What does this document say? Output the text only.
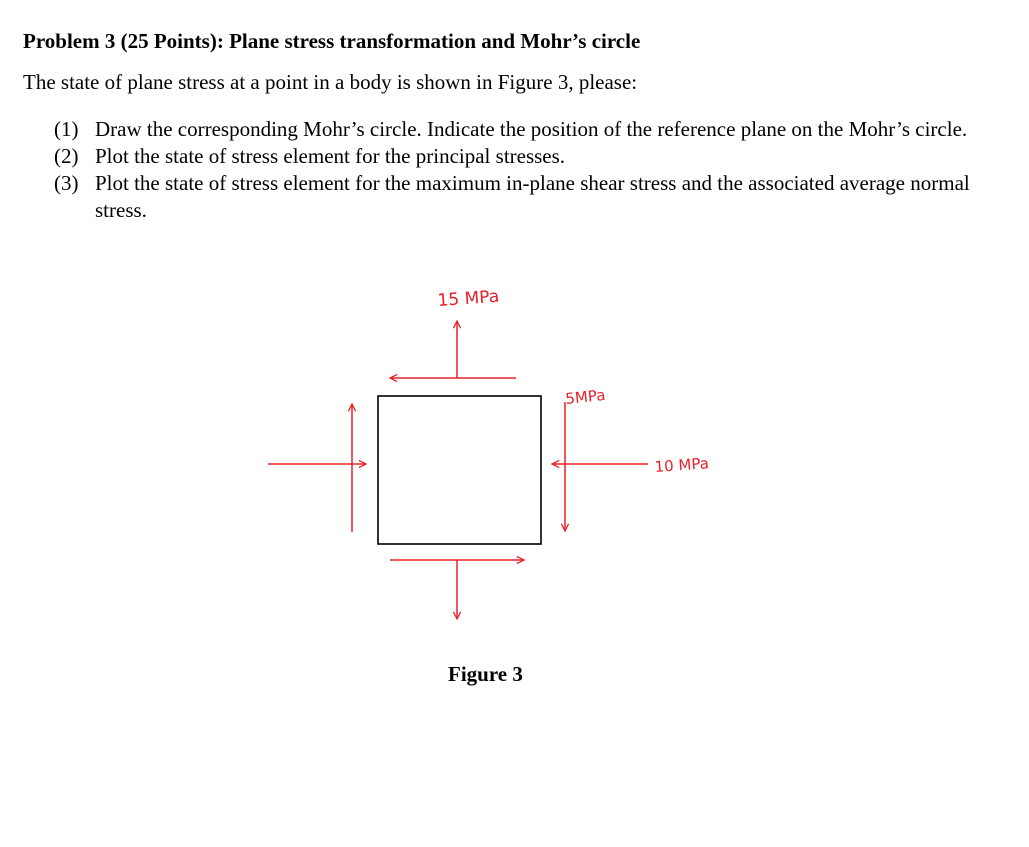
Problem 3 (25 Points): Plane stress transformation and Mohr’s circle
The state of plane stress at a point in a body is shown in Figure 3, please:
(1) Draw the corresponding Mohr’s circle. Indicate the position of the reference plane on the Mohr’s circle.
(2) Plot the state of stress element for the principal stresses.
(3) Plot the state of stress element for the maximum in-plane shear stress and the associated average normal stress.
15 MPa
5MPa
10 MPa
Figure 3
